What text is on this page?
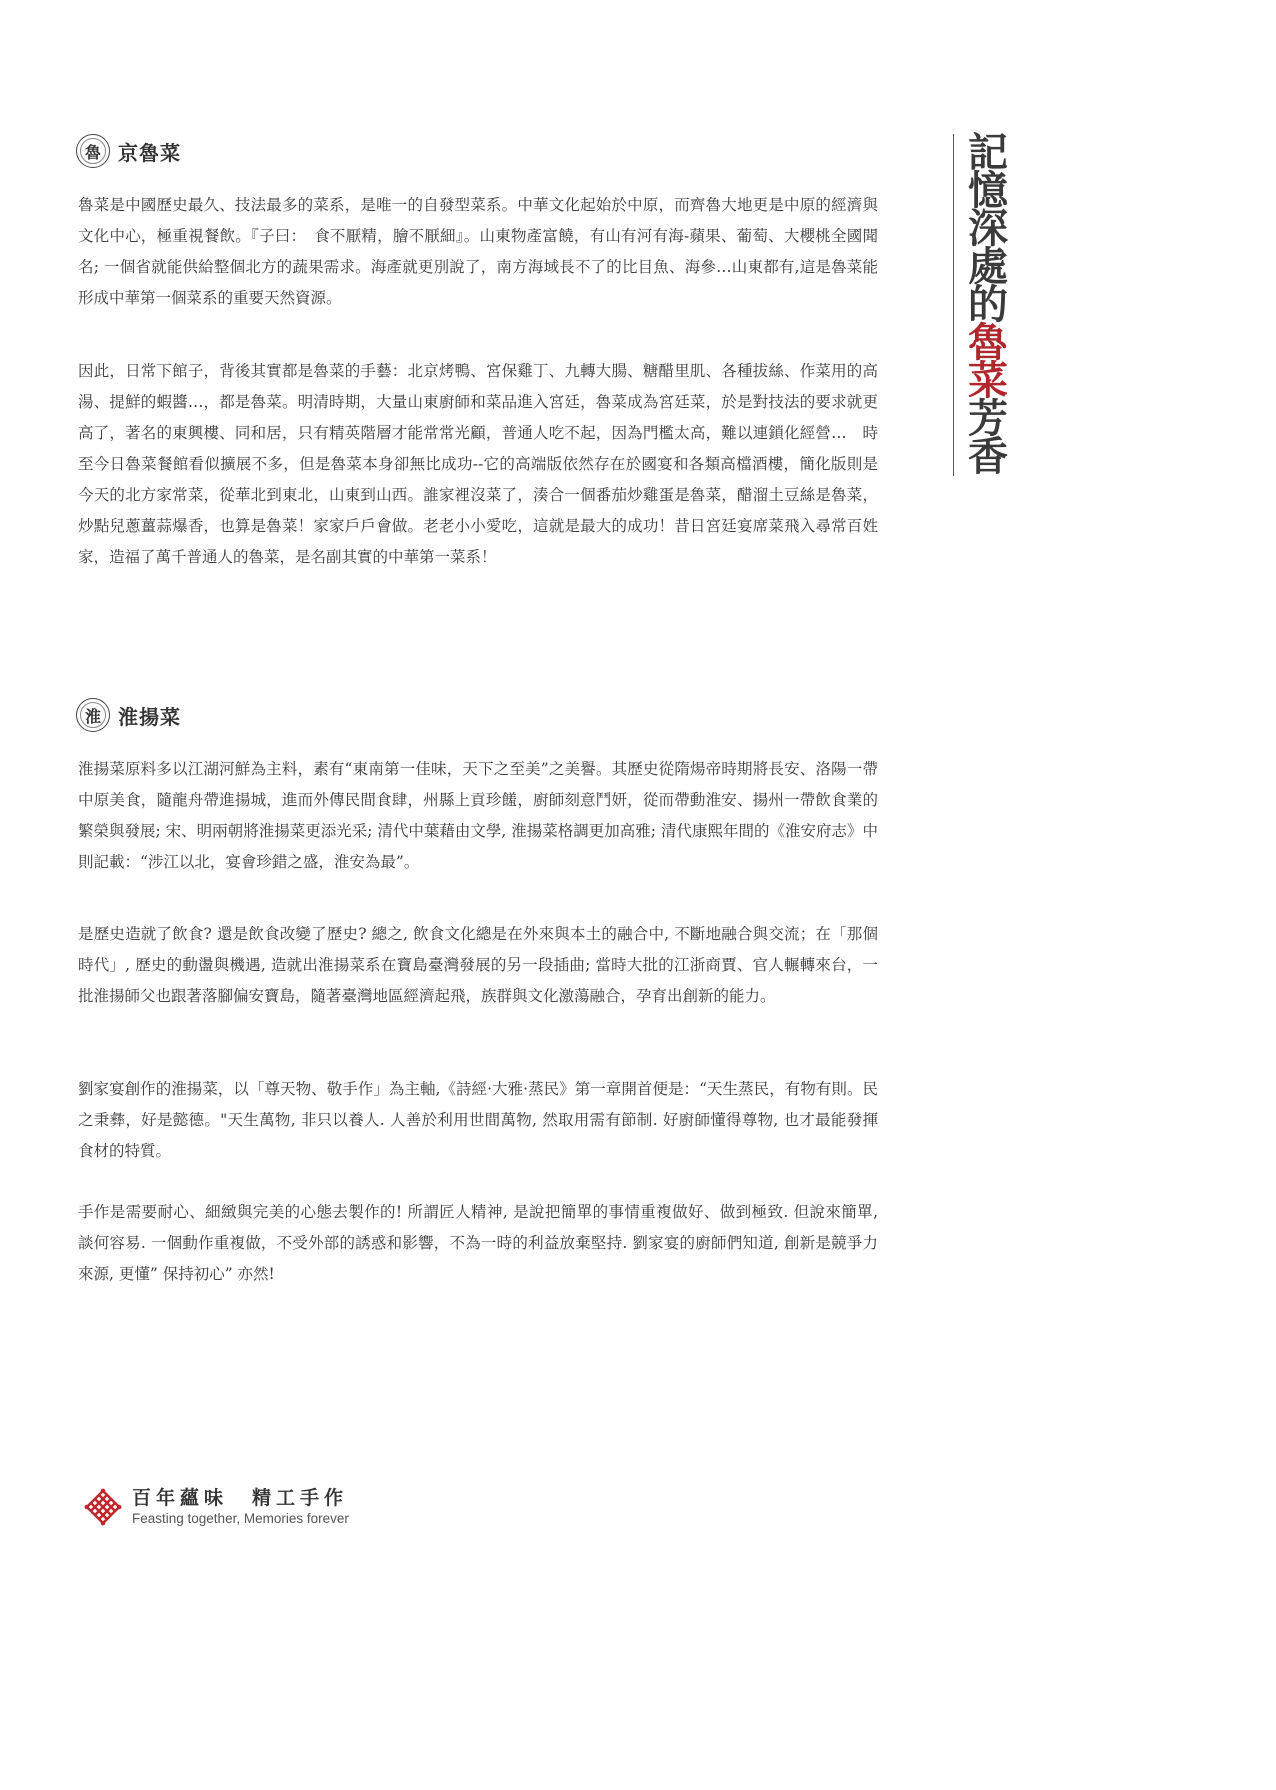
記
憶
深
處
的
魯
菜
芳
香
魯 京魯菜

魯菜是中國歷史最久、技法最多的菜系，是唯一的自發型菜系。中華文化起始於中原，而齊魯大地更是中原的經濟與文化中心，極重視餐飲。『子曰：　食不厭精，膾不厭細』。山東物產富饒，有山有河有海-蘋果、葡萄、大櫻桃全國聞名; 一個省就能供給整個北方的蔬果需求。海產就更別說了，南方海域長不了的比目魚、海參…山東都有,這是魯菜能形成中華第一個菜系的重要天然資源。

因此，日常下館子，背後其實都是魯菜的手藝：北京烤鴨、宮保雞丁、九轉大腸、糖醋里肌、各種拔絲、作菜用的高湯、提鮮的蝦醬…，都是魯菜。明清時期，大量山東廚師和菜品進入宮廷，魯菜成為宮廷菜，於是對技法的要求就更高了，著名的東興樓、同和居，只有精英階層才能常常光顧，普通人吃不起，因為門檻太高，難以連鎖化經營…　時至今日魯菜餐館看似擴展不多，但是魯菜本身卻無比成功--它的高端版依然存在於國宴和各類高檔酒樓，簡化版則是今天的北方家常菜，從華北到東北，山東到山西。誰家裡沒菜了，湊合一個番茄炒雞蛋是魯菜，醋溜土豆絲是魯菜，炒點兒蔥薑蒜爆香，也算是魯菜！家家戶戶會做。老老小小愛吃，這就是最大的成功！昔日宮廷宴席菜飛入尋常百姓家，造福了萬千普通人的魯菜，是名副其實的中華第一菜系！

淮 淮揚菜

淮揚菜原料多以江湖河鮮為主料，素有“東南第一佳味，天下之至美”之美譽。其歷史從隋煬帝時期將長安、洛陽一帶中原美食，隨龍舟帶進揚城，進而外傳民間食肆，州縣上貢珍饈，廚師刻意鬥妍，從而帶動淮安、揚州一帶飲食業的繁榮與發展; 宋、明兩朝將淮揚菜更添光采; 清代中葉藉由文學, 淮揚菜格調更加高雅; 清代康熙年間的《淮安府志》中則記載：“涉江以北，宴會珍錯之盛，淮安為最”。

是歷史造就了飲食? 還是飲食改變了歷史? 總之, 飲食文化總是在外來與本土的融合中, 不斷地融合與交流；在「那個時代」, 歷史的動盪與機遇, 造就出淮揚菜系在寶島臺灣發展的另一段插曲; 當時大批的江浙商賈、官人輾轉來台，一批淮揚師父也跟著落腳偏安寶島，隨著臺灣地區經濟起飛，族群與文化激蕩融合，孕育出創新的能力。

劉家宴創作的淮揚菜，以「尊天物、敬手作」為主軸,《詩經·大雅·蒸民》第一章開首便是：“天生蒸民，有物有則。民之秉彝，好是懿德。"天生萬物, 非只以養人. 人善於利用世間萬物, 然取用需有節制. 好廚師懂得尊物, 也才最能發揮食材的特質。

手作是需要耐心、細緻與完美的心態去製作的! 所謂匠人精神, 是說把簡單的事情重複做好、做到極致. 但說來簡單, 談何容易. 一個動作重複做，不受外部的誘惑和影響，不為一時的利益放棄堅持. 劉家宴的廚師們知道, 創新是競爭力來源, 更懂” 保持初心” 亦然!

百年蘊味　精工手作
Feasting together, Memories forever
